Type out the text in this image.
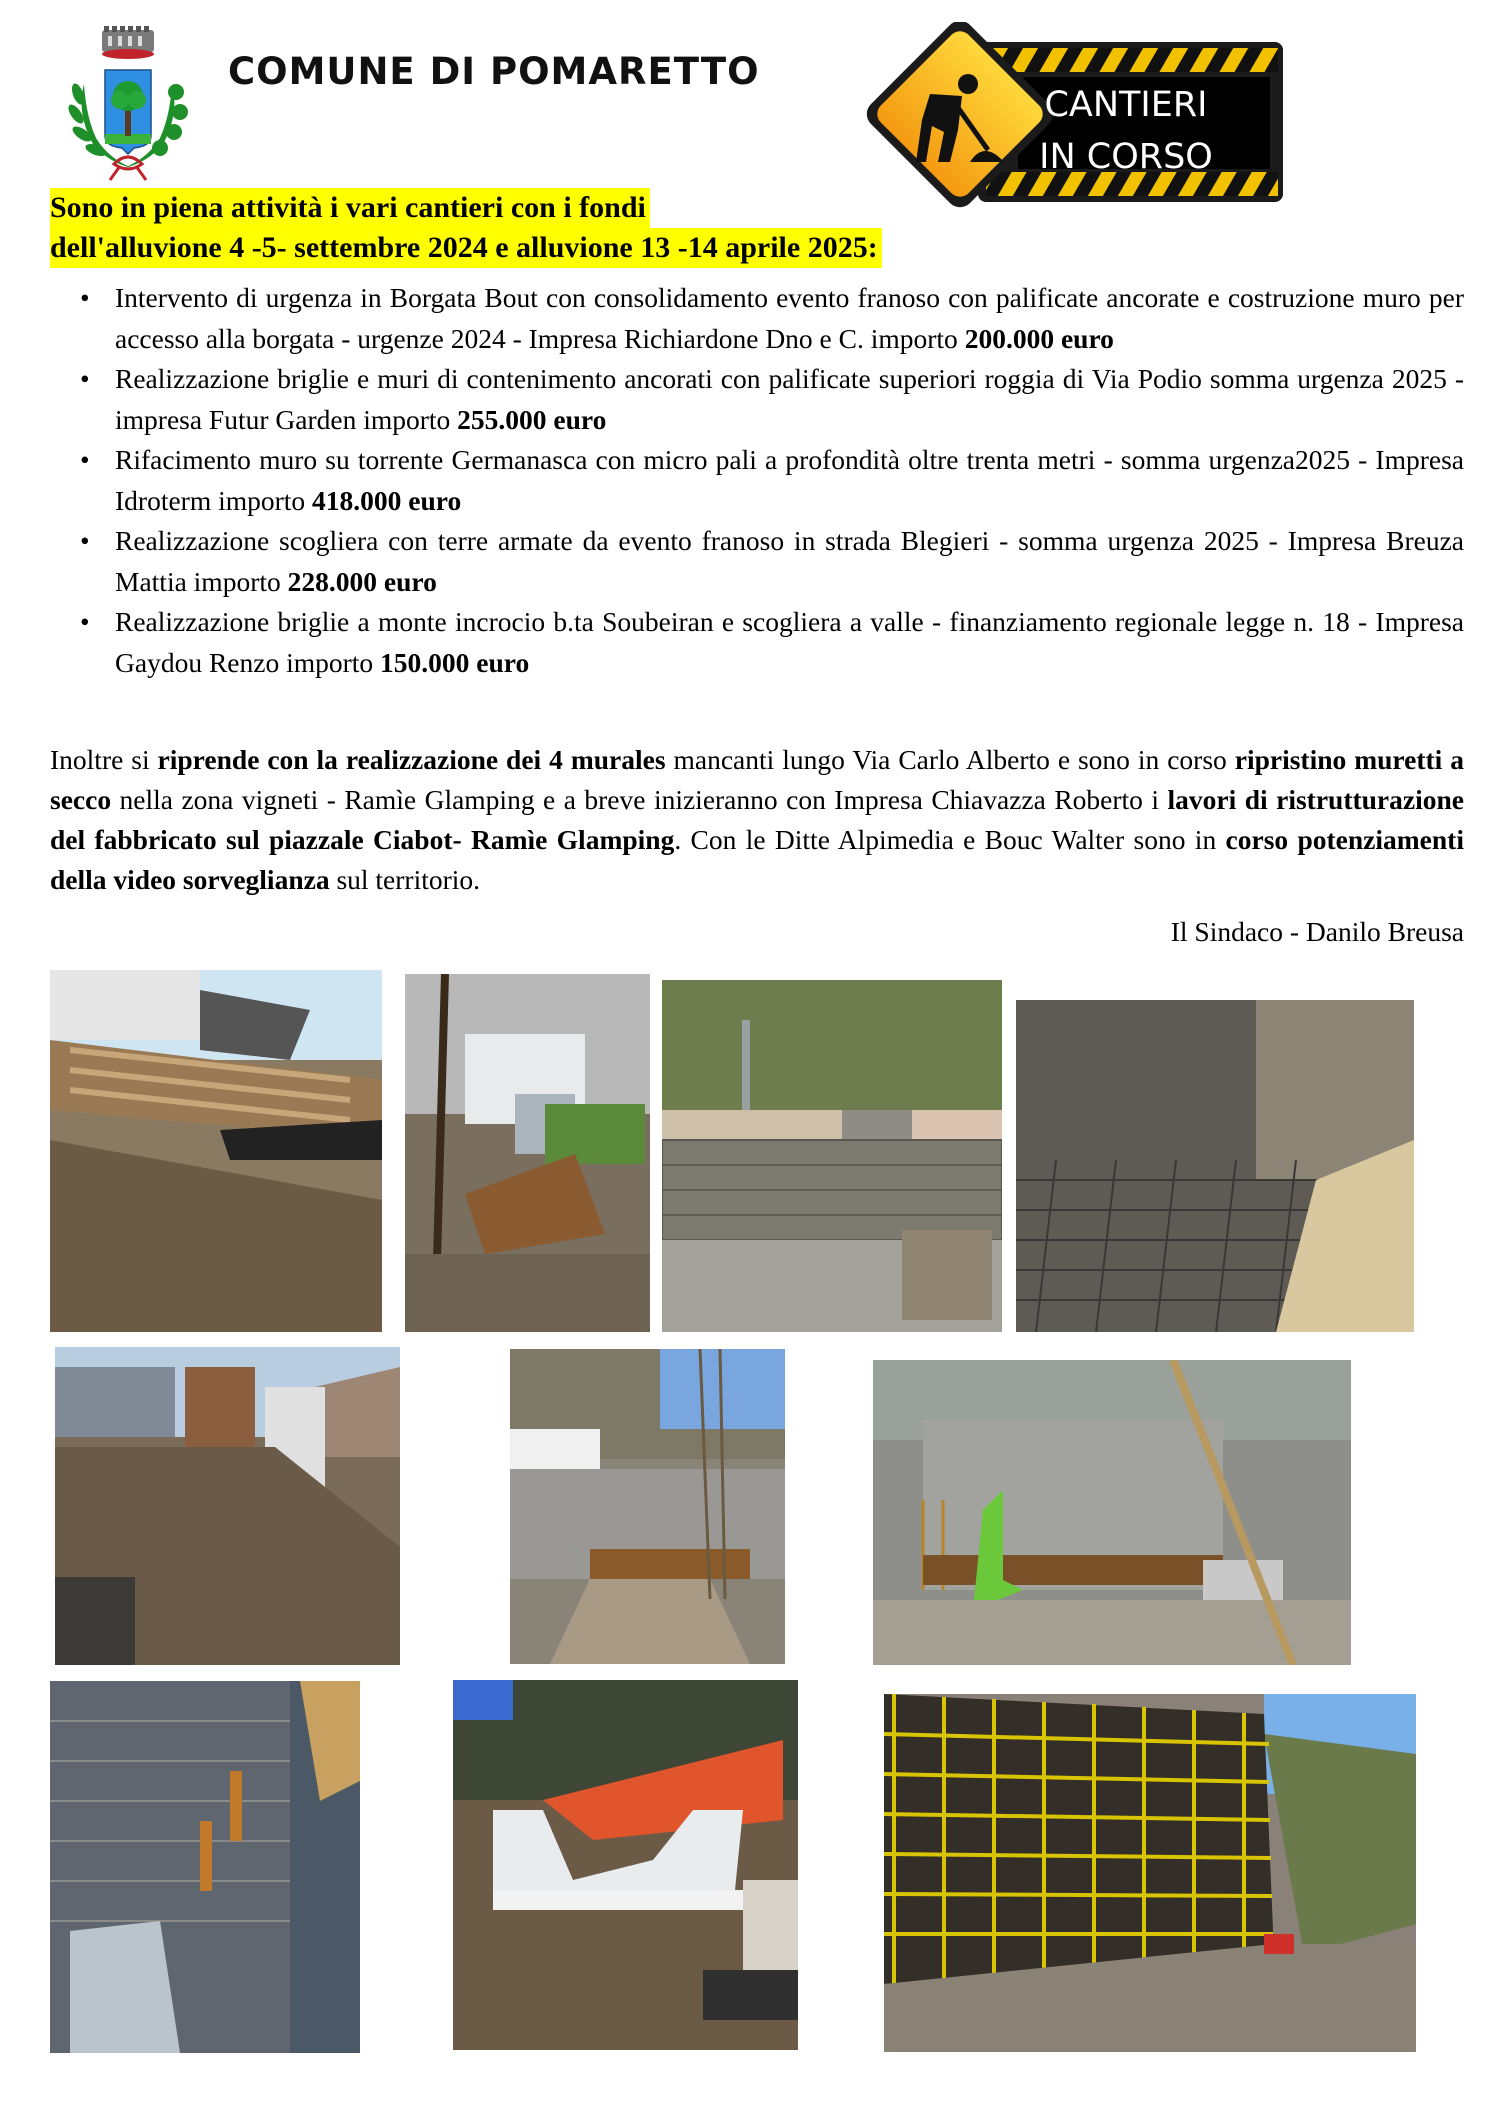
COMUNE DI POMARETTO
CANTIERI
IN CORSO
Sono in piena attività i vari cantieri con i fondi
dell'alluvione 4 -5- settembre 2024 e alluvione 13 -14 aprile 2025:
• Intervento di urgenza in Borgata Bout con consolidamento evento franoso con palificate ancorate e costruzione muro per accesso alla borgata - urgenze 2024 - Impresa Richiardone Dno e C. importo 200.000 euro
• Realizzazione briglie e muri di contenimento ancorati con palificate superiori roggia di Via Podio somma urgenza 2025 - impresa Futur Garden importo 255.000 euro
• Rifacimento muro su torrente Germanasca con micro pali a profondità oltre trenta metri - somma urgenza2025 - Impresa Idroterm importo 418.000 euro
• Realizzazione scogliera con terre armate da evento franoso in strada Blegieri - somma urgenza 2025 - Impresa Breuza Mattia importo 228.000 euro
• Realizzazione briglie a monte incrocio b.ta Soubeiran e scogliera a valle - finanziamento regionale legge n. 18 - Impresa Gaydou Renzo importo 150.000 euro

Inoltre si riprende con la realizzazione dei 4 murales mancanti lungo Via Carlo Alberto e sono in corso ripristino muretti a secco nella zona vigneti - Ramìe Glamping e a breve inizieranno con Impresa Chiavazza Roberto i lavori di ristrutturazione del fabbricato sul piazzale Ciabot- Ramìe Glamping. Con le Ditte Alpimedia e Bouc Walter sono in corso potenziamenti della video sorveglianza sul territorio.

Il Sindaco - Danilo Breusa
